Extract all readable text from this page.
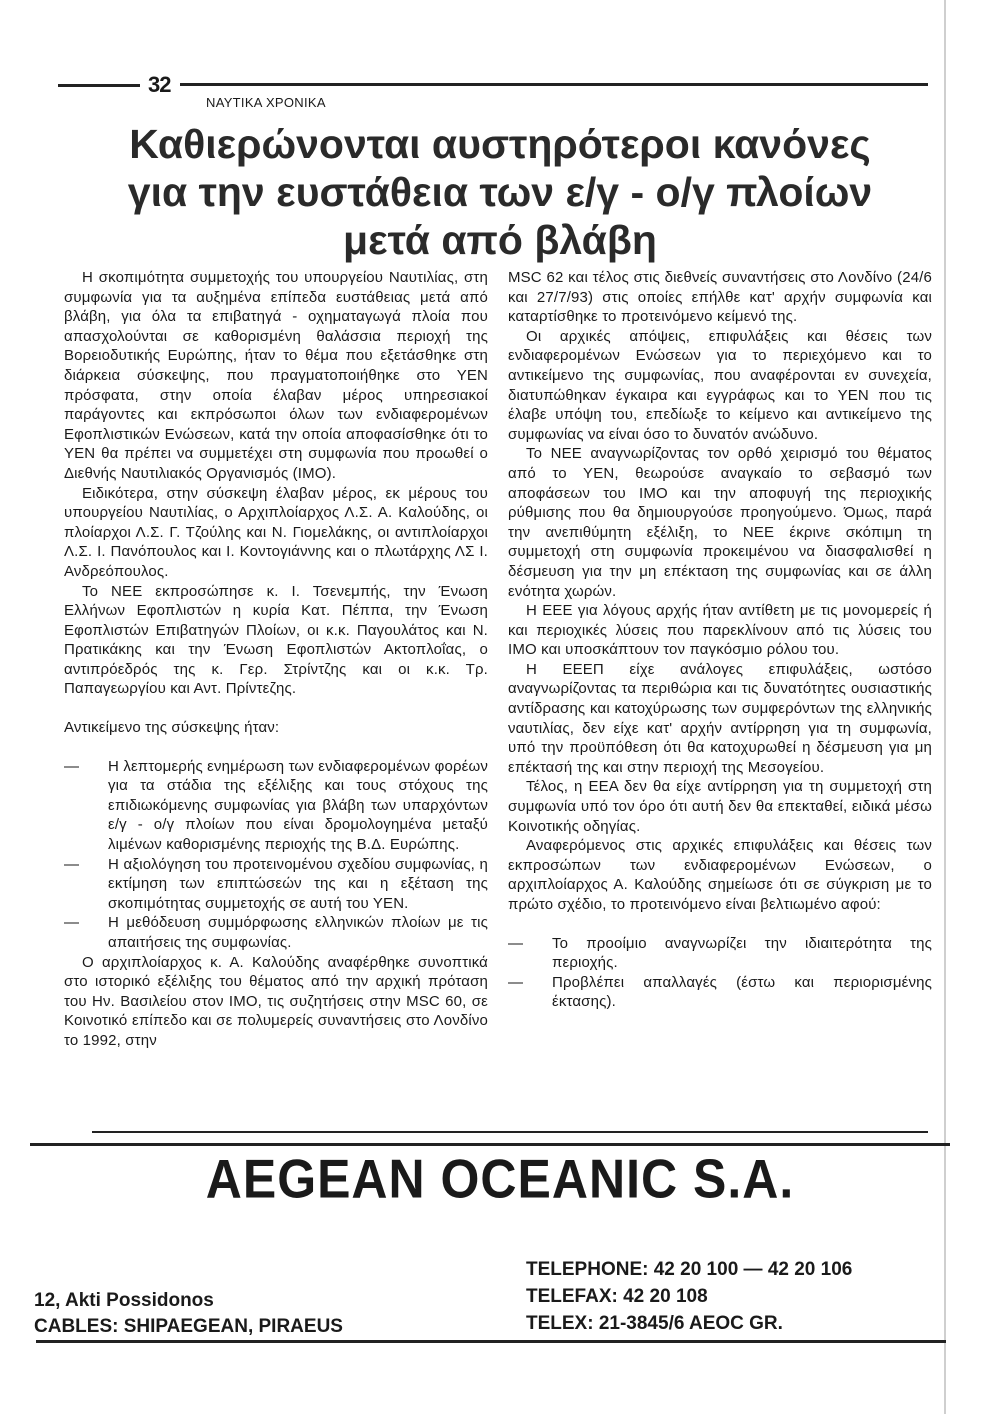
32
ΝΑΥΤΙΚΑ ΧΡΟΝΙΚΑ
Καθιερώνονται αυστηρότεροι κανόνες
για την ευστάθεια των ε/γ - ο/γ πλοίων
μετά από βλάβη

Η σκοπιμότητα συμμετοχής του υπουργείου Ναυτιλίας, στη συμφωνία για τα αυξημένα επίπεδα ευστάθειας μετά από βλάβη, για όλα τα επιβατηγά - οχηματαγωγά πλοία που απασχολούνται σε καθορισμένη θαλάσσια περιοχή της Βορειοδυτικής Ευρώπης, ήταν το θέμα που εξετάσθηκε στη διάρκεια σύσκεψης, που πραγματοποιήθηκε στο ΥΕΝ πρόσφατα, στην οποία έλαβαν μέρος υπηρεσιακοί παράγοντες και εκπρόσωποι όλων των ενδιαφερομένων Εφοπλιστικών Ενώσεων, κατά την οποία αποφασίσθηκε ότι το ΥΕΝ θα πρέπει να συμμετέχει στη συμφωνία που προωθεί ο Διεθνής Ναυτιλιακός Οργανισμός (ΙΜΟ).

Ειδικότερα, στην σύσκεψη έλαβαν μέρος, εκ μέρους του υπουργείου Ναυτιλίας, ο Αρχιπλοίαρχος Λ.Σ. Α. Καλούδης, οι πλοίαρχοι Λ.Σ. Γ. Τζούλης και Ν. Γιομελάκης, οι αντιπλοίαρχοι Λ.Σ. Ι. Πανόπουλος και Ι. Κοντογιάννης και ο πλωτάρχης ΛΣ Ι. Ανδρεόπουλος.

Το ΝΕΕ εκπροσώπησε κ. Ι. Τσενεμπής, την Ένωση Ελλήνων Εφοπλιστών η κυρία Κατ. Πέππα, την Ένωση Εφοπλιστών Επιβατηγών Πλοίων, οι κ.κ. Παγουλάτος και Ν. Πρατικάκης και την Ένωση Εφοπλιστών Ακτοπλοΐας, ο αντιπρόεδρός της κ. Γερ. Στρίντζης και οι κ.κ. Τρ. Παπαγεωργίου και Αντ. Πρίντεζης.

Αντικείμενο της σύσκεψης ήταν:

— Η λεπτομερής ενημέρωση των ενδιαφερομένων φορέων για τα στάδια της εξέλιξης και τους στόχους της επιδιωκόμενης συμφωνίας για βλάβη των υπαρχόντων ε/γ - ο/γ πλοίων που είναι δρομολογημένα μεταξύ λιμένων καθορισμένης περιοχής της Β.Δ. Ευρώπης.
— Η αξιολόγηση του προτεινομένου σχεδίου συμφωνίας, η εκτίμηση των επιπτώσεών της και η εξέταση της σκοπιμότητας συμμετοχής σε αυτή του ΥΕΝ.
— Η μεθόδευση συμμόρφωσης ελληνικών πλοίων με τις απαιτήσεις της συμφωνίας.

Ο αρχιπλοίαρχος κ. Α. Καλούδης αναφέρθηκε συνοπτικά στο ιστορικό εξέλιξης του θέματος από την αρχική πρόταση του Ην. Βασιλείου στον ΙΜΟ, τις συζητήσεις στην MSC 60, σε Κοινοτικό επίπεδο και σε πολυμερείς συναντήσεις στο Λονδίνο το 1992, στην

MSC 62 και τέλος στις διεθνείς συναντήσεις στο Λονδίνο (24/6 και 27/7/93) στις οποίες επήλθε κατ' αρχήν συμφωνία και καταρτίσθηκε το προτεινόμενο κείμενό της.

Οι αρχικές απόψεις, επιφυλάξεις και θέσεις των ενδιαφερομένων Ενώσεων για το περιεχόμενο και το αντικείμενο της συμφωνίας, που αναφέρονται εν συνεχεία, διατυπώθηκαν έγκαιρα και εγγράφως και το ΥΕΝ που τις έλαβε υπόψη του, επεδίωξε το κείμενο και αντικείμενο της συμφωνίας να είναι όσο το δυνατόν ανώδυνο.

Το ΝΕΕ αναγνωρίζοντας τον ορθό χειρισμό του θέματος από το ΥΕΝ, θεωρούσε αναγκαίο το σεβασμό των αποφάσεων του ΙΜΟ και την αποφυγή της περιοχικής ρύθμισης που θα δημιουργούσε προηγούμενο. Όμως, παρά την ανεπιθύμητη εξέλιξη, το ΝΕΕ έκρινε σκόπιμη τη συμμετοχή στη συμφωνία προκειμένου να διασφαλισθεί η δέσμευση για την μη επέκταση της συμφωνίας και σε άλλη ενότητα χωρών.

Η ΕΕΕ για λόγους αρχής ήταν αντίθετη με τις μονομερείς ή και περιοχικές λύσεις που παρεκλίνουν από τις λύσεις του ΙΜΟ και υποσκάπτουν τον παγκόσμιο ρόλου του.

Η ΕΕΕΠ είχε ανάλογες επιφυλάξεις, ωστόσο αναγνωρίζοντας τα περιθώρια και τις δυνατότητες ουσιαστικής αντίδρασης και κατοχύρωσης των συμφερόντων της ελληνικής ναυτιλίας, δεν είχε κατ' αρχήν αντίρρηση για τη συμφωνία, υπό την προϋπόθεση ότι θα κατοχυρωθεί η δέσμευση για μη επέκτασή της και στην περιοχή της Μεσογείου.

Τέλος, η ΕΕΑ δεν θα είχε αντίρρηση για τη συμμετοχή στη συμφωνία υπό τον όρο ότι αυτή δεν θα επεκταθεί, ειδικά μέσω Κοινοτικής οδηγίας.

Αναφερόμενος στις αρχικές επιφυλάξεις και θέσεις των εκπροσώπων των ενδιαφερομένων Ενώσεων, ο αρχιπλοίαρχος Α. Καλούδης σημείωσε ότι σε σύγκριση με το πρώτο σχέδιο, το προτεινόμενο είναι βελτιωμένο αφού:

— Το προοίμιο αναγνωρίζει την ιδιαιτερότητα της περιοχής.
— Προβλέπει απαλλαγές (έστω και περιορισμένης έκτασης).
AEGEAN OCEANIC S.A.
12, Akti Possidonos
CABLES: SHIPAEGEAN, PIRAEUS
TELEPHONE: 42 20 100 — 42 20 106
TELEFAX: 42 20 108
TELEX: 21-3845/6 AEOC GR.
